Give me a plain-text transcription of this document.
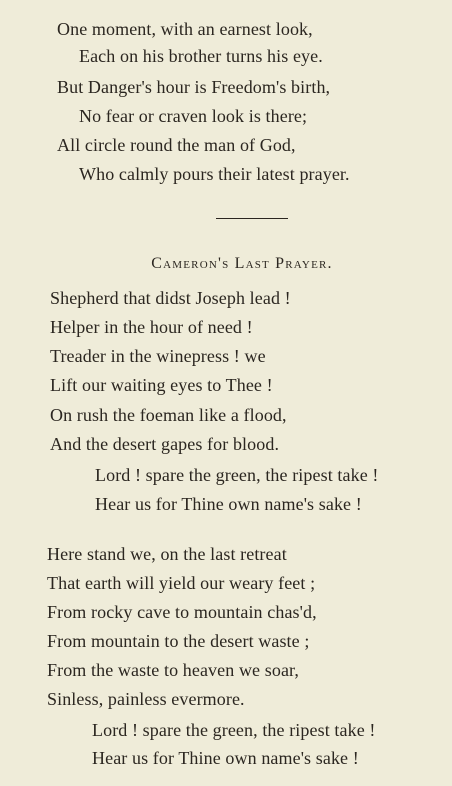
One moment, with an earnest look,
Each on his brother turns his eye.
But Danger's hour is Freedom's birth,
No fear or craven look is there;
All circle round the man of God,
Who calmly pours their latest prayer.
Cameron's Last Prayer.
Shepherd that didst Joseph lead !
Helper in the hour of need !
Treader in the winepress ! we
Lift our waiting eyes to Thee !
On rush the foeman like a flood,
And the desert gapes for blood.
Lord ! spare the green, the ripest take !
Hear us for Thine own name's sake !
Here stand we, on the last retreat
That earth will yield our weary feet ;
From rocky cave to mountain chas'd,
From mountain to the desert waste ;
From the waste to heaven we soar,
Sinless, painless evermore.
Lord ! spare the green, the ripest take !
Hear us for Thine own name's sake !
